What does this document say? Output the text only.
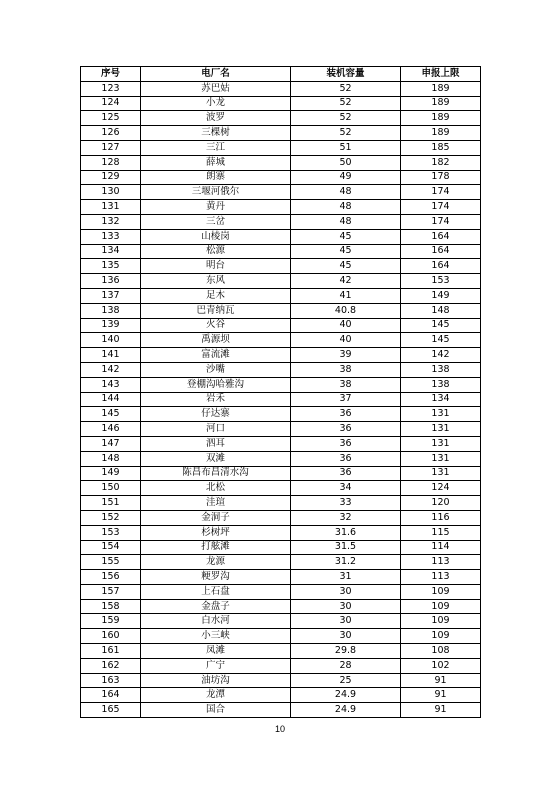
序号	电厂名	装机容量	申报上限
123	苏巴姑	52	189
124	小龙	52	189
125	波罗	52	189
126	三棵树	52	189
127	三江	51	185
128	薛城	50	182
129	朗寨	49	178
130	三堰河俄尔	48	174
131	黄丹	48	174
132	三岔	48	174
133	山棱岗	45	164
134	松源	45	164
135	明台	45	164
136	东风	42	153
137	足木	41	149
138	巴青纳瓦	40.8	148
139	火谷	40	145
140	禹源坝	40	145
141	富流滩	39	142
142	沙嘴	38	138
143	登棚沟哈雅沟	38	138
144	岩禾	37	134
145	仔达寨	36	131
146	河口	36	131
147	泗耳	36	131
148	双滩	36	131
149	陈昌布昌清水沟	36	131
150	北松	34	124
151	洼瑄	33	120
152	金洞子	32	116
153	杉树坪	31.6	115
154	打舷滩	31.5	114
155	龙源	31.2	113
156	粳罗沟	31	113
157	上石盘	30	109
158	金盘子	30	109
159	白水河	30	109
160	小三峡	30	109
161	凤滩	29.8	108
162	广宁	28	102
163	油坊沟	25	91
164	龙潭	24.9	91
165	国合	24.9	91
10
